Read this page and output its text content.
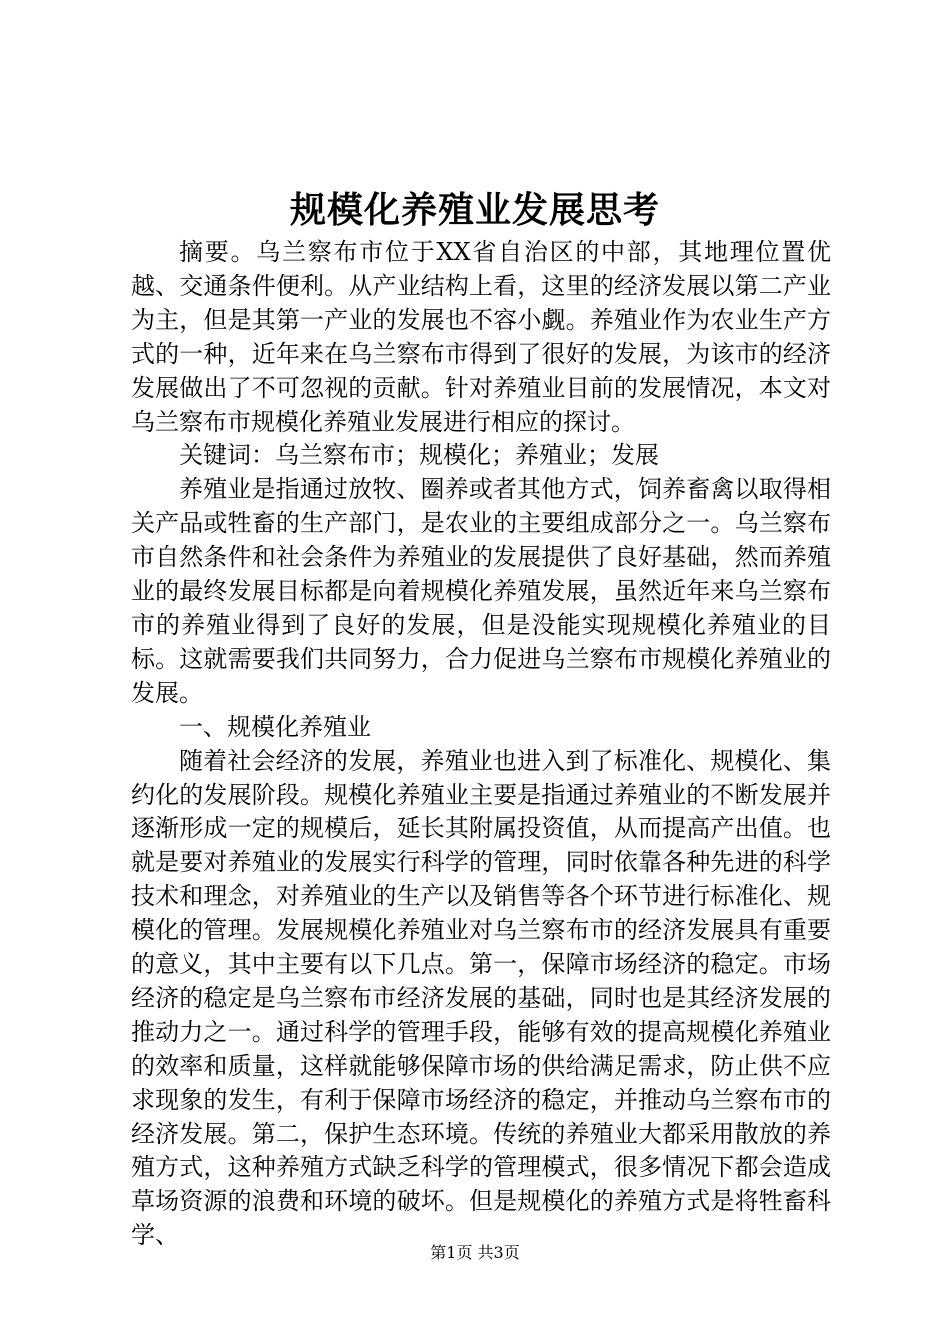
规模化养殖业发展思考

摘要。乌兰察布市位于XX省自治区的中部，其地理位置优越、交通条件便利。从产业结构上看，这里的经济发展以第二产业为主，但是其第一产业的发展也不容小觑。养殖业作为农业生产方式的一种，近年来在乌兰察布市得到了很好的发展，为该市的经济发展做出了不可忽视的贡献。针对养殖业目前的发展情况，本文对乌兰察布市规模化养殖业发展进行相应的探讨。

关键词：乌兰察布市；规模化；养殖业；发展

养殖业是指通过放牧、圈养或者其他方式，饲养畜禽以取得相关产品或牲畜的生产部门，是农业的主要组成部分之一。乌兰察布市自然条件和社会条件为养殖业的发展提供了良好基础，然而养殖业的最终发展目标都是向着规模化养殖发展，虽然近年来乌兰察布市的养殖业得到了良好的发展，但是没能实现规模化养殖业的目标。这就需要我们共同努力，合力促进乌兰察布市规模化养殖业的发展。

一、规模化养殖业

随着社会经济的发展，养殖业也进入到了标准化、规模化、集约化的发展阶段。规模化养殖业主要是指通过养殖业的不断发展并逐渐形成一定的规模后，延长其附属投资值，从而提高产出值。也就是要对养殖业的发展实行科学的管理，同时依靠各种先进的科学技术和理念，对养殖业的生产以及销售等各个环节进行标准化、规模化的管理。发展规模化养殖业对乌兰察布市的经济发展具有重要的意义，其中主要有以下几点。第一，保障市场经济的稳定。市场经济的稳定是乌兰察布市经济发展的基础，同时也是其经济发展的推动力之一。通过科学的管理手段，能够有效的提高规模化养殖业的效率和质量，这样就能够保障市场的供给满足需求，防止供不应求现象的发生，有利于保障市场经济的稳定，并推动乌兰察布市的经济发展。第二，保护生态环境。传统的养殖业大都采用散放的养殖方式，这种养殖方式缺乏科学的管理模式，很多情况下都会造成草场资源的浪费和环境的破坏。但是规模化的养殖方式是将牲畜科学、

第1页 共3页
